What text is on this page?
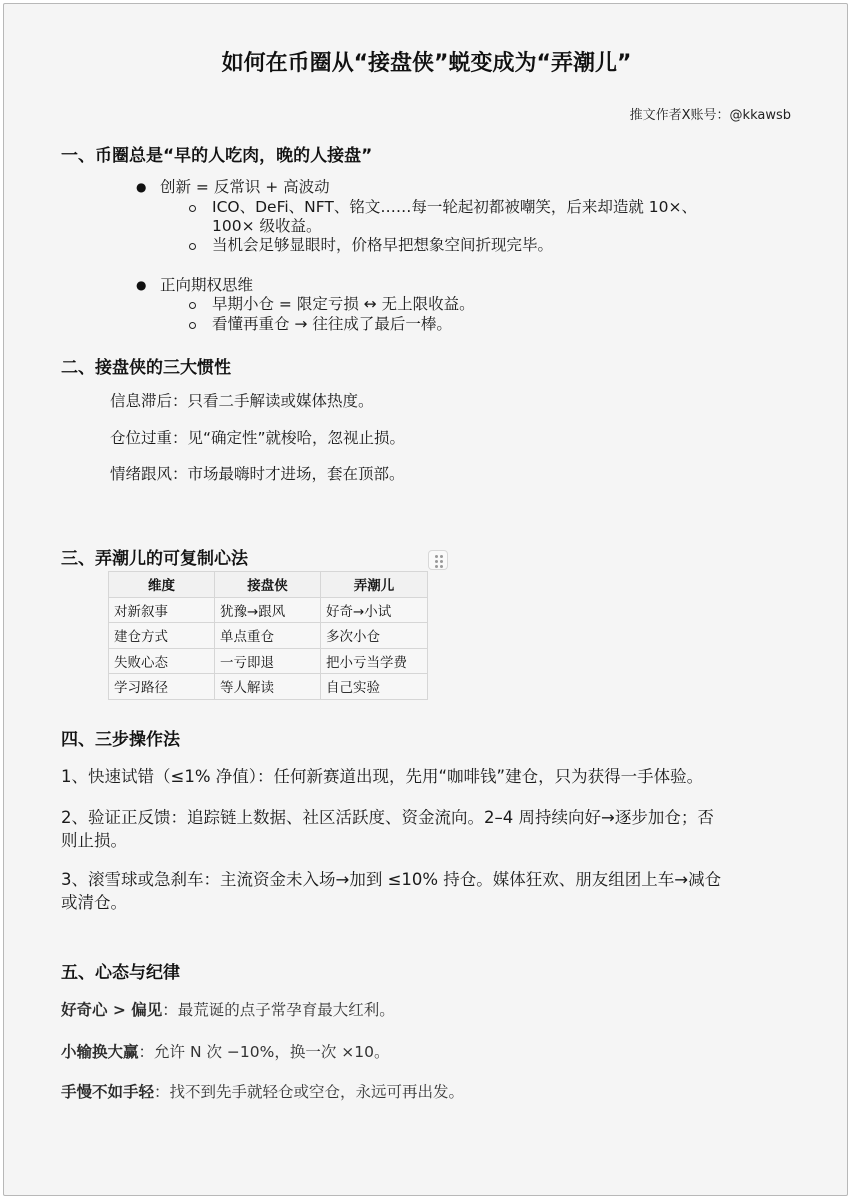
如何在币圈从“接盘侠”蜕变成为“弄潮儿”
推文作者X账号：@kkawsb
一、币圈总是“早的人吃肉，晚的人接盘”
● 创新 = 反常识 + 高波动
ICO、DeFi、NFT、铭文……每一轮起初都被嘲笑，后来却造就 10×、
100× 级收益。
当机会足够显眼时，价格早把想象空间折现完毕。
● 正向期权思维
早期小仓 = 限定亏损 ↔ 无上限收益。
看懂再重仓 → 往往成了最后一棒。
二、接盘侠的三大惯性
信息滞后：只看二手解读或媒体热度。
仓位过重：见“确定性”就梭哈，忽视止损。
情绪跟风：市场最嗨时才进场，套在顶部。
三、弄潮儿的可复制心法
维度	接盘侠	弄潮儿
对新叙事	犹豫→跟风	好奇→小试
建仓方式	单点重仓	多次小仓
失败心态	一亏即退	把小亏当学费
学习路径	等人解读	自己实验
四、三步操作法
1、快速试错（≤1% 净值）：任何新赛道出现，先用“咖啡钱”建仓，只为获得一手体验。
2、验证正反馈：追踪链上数据、社区活跃度、资金流向。2–4 周持续向好→逐步加仓；否
则止损。
3、滚雪球或急刹车：主流资金未入场→加到 ≤10% 持仓。媒体狂欢、朋友组团上车→减仓
或清仓。
五、心态与纪律
好奇心 > 偏见：最荒诞的点子常孕育最大红利。
小输换大赢：允许 N 次 −10%，换一次 ×10。
手慢不如手轻：找不到先手就轻仓或空仓，永远可再出发。
